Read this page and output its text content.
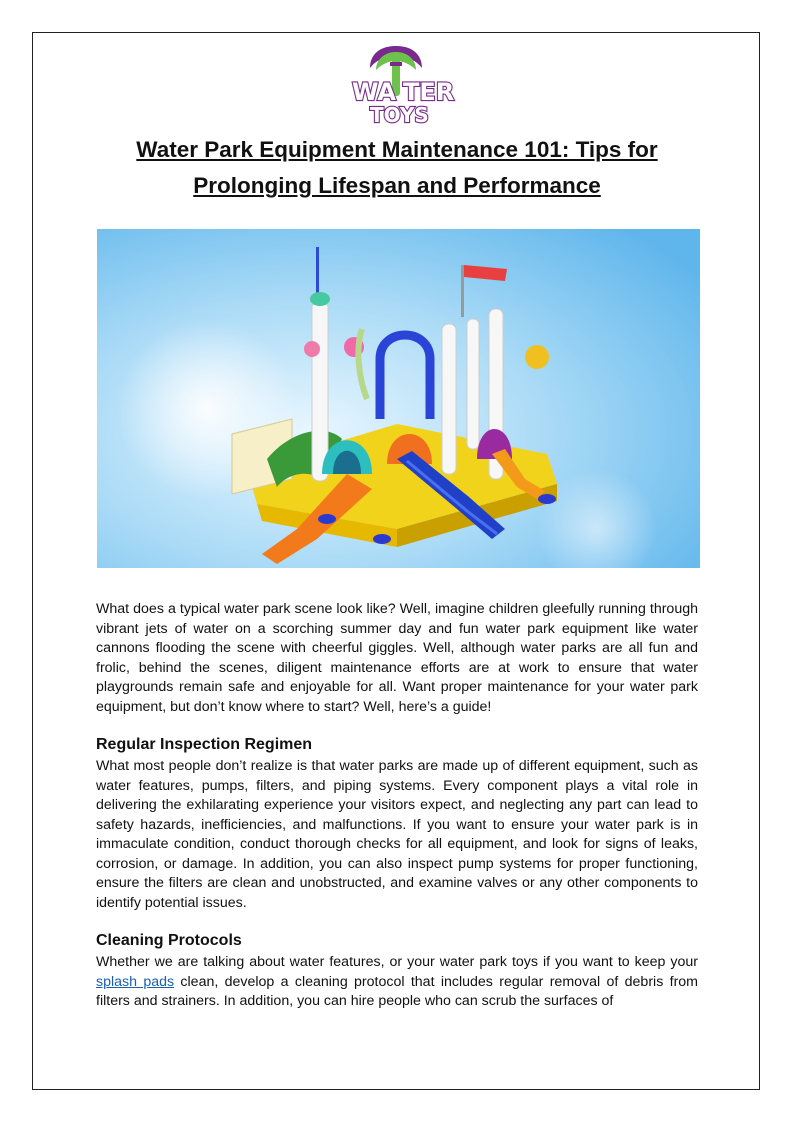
WA TER
TOYS
Water Park Equipment Maintenance 101: Tips for Prolonging Lifespan and Performance

What does a typical water park scene look like? Well, imagine children gleefully running through vibrant jets of water on a scorching summer day and fun water park equipment like water cannons flooding the scene with cheerful giggles. Well, although water parks are all fun and frolic, behind the scenes, diligent maintenance efforts are at work to ensure that water playgrounds remain safe and enjoyable for all. Want proper maintenance for your water park equipment, but don’t know where to start? Well, here’s a guide!

Regular Inspection Regimen

What most people don’t realize is that water parks are made up of different equipment, such as water features, pumps, filters, and piping systems. Every component plays a vital role in delivering the exhilarating experience your visitors expect, and neglecting any part can lead to safety hazards, inefficiencies, and malfunctions. If you want to ensure your water park is in immaculate condition, conduct thorough checks for all equipment, and look for signs of leaks, corrosion, or damage. In addition, you can also inspect pump systems for proper functioning, ensure the filters are clean and unobstructed, and examine valves or any other components to identify potential issues.

Cleaning Protocols

Whether we are talking about water features, or your water park toys if you want to keep your splash pads clean, develop a cleaning protocol that includes regular removal of debris from filters and strainers. In addition, you can hire people who can scrub the surfaces of
